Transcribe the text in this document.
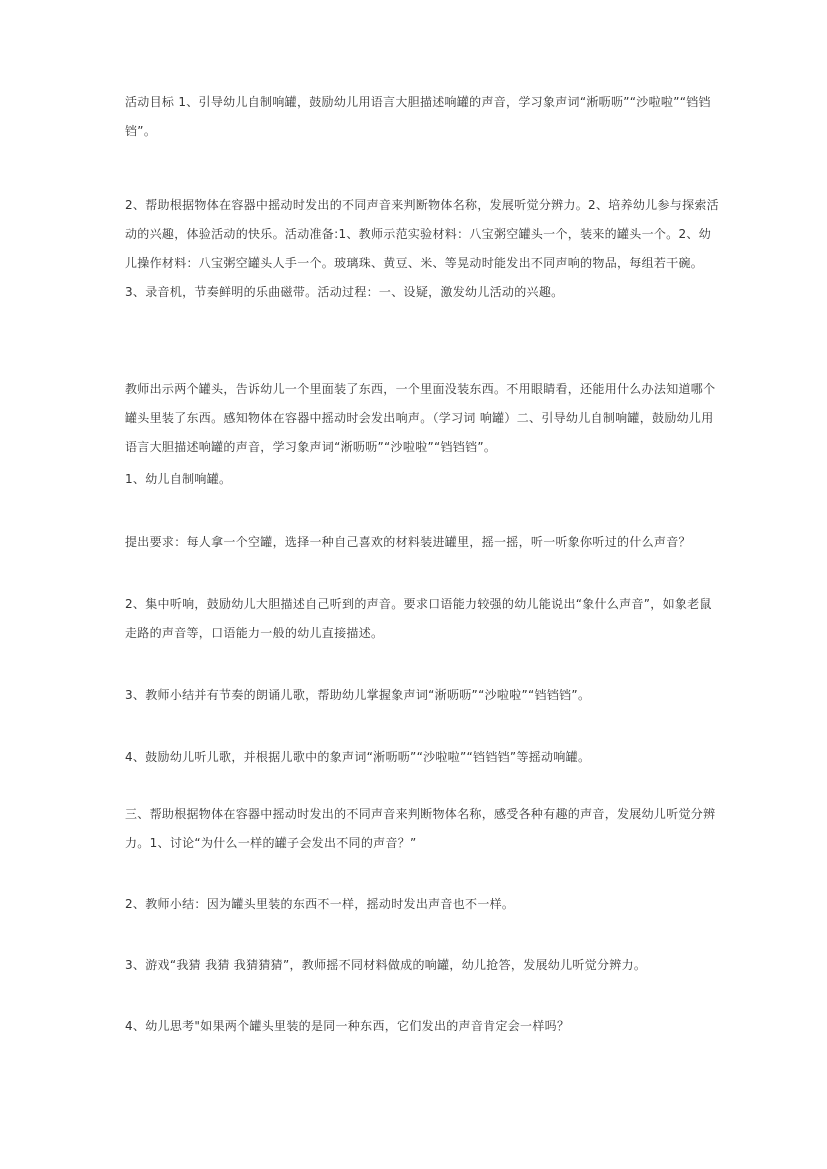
活动目标 1、引导幼儿自制响罐，鼓励幼儿用语言大胆描述响罐的声音，学习象声词“淅呖呖”“沙啦啦”“铛铛铛”。

2、帮助根据物体在容器中摇动时发出的不同声音来判断物体名称，发展听觉分辨力。2、培养幼儿参与探索活动的兴趣，体验活动的快乐。活动准备:1、教师示范实验材料：八宝粥空罐头一个，装来的罐头一个。2、幼儿操作材料：八宝粥空罐头人手一个。玻璃珠、黄豆、米、等晃动时能发出不同声响的物品，每组若干碗。3、录音机，节奏鲜明的乐曲磁带。活动过程：一、设疑，激发幼儿活动的兴趣。

教师出示两个罐头，告诉幼儿一个里面装了东西，一个里面没装东西。不用眼睛看，还能用什么办法知道哪个罐头里装了东西。感知物体在容器中摇动时会发出响声。（学习词 响罐）二、引导幼儿自制响罐，鼓励幼儿用语言大胆描述响罐的声音，学习象声词“淅呖呖”“沙啦啦”“铛铛铛”。

1、幼儿自制响罐。

提出要求：每人拿一个空罐，选择一种自己喜欢的材料装进罐里，摇一摇，听一听象你听过的什么声音？

2、集中听响，鼓励幼儿大胆描述自己听到的声音。要求口语能力较强的幼儿能说出“象什么声音”，如象老鼠走路的声音等，口语能力一般的幼儿直接描述。

3、教师小结并有节奏的朗诵儿歌，帮助幼儿掌握象声词“淅呖呖”“沙啦啦”“铛铛铛”。

4、鼓励幼儿听儿歌，并根据儿歌中的象声词“淅呖呖”“沙啦啦”“铛铛铛”等摇动响罐。

三、帮助根据物体在容器中摇动时发出的不同声音来判断物体名称，感受各种有趣的声音，发展幼儿听觉分辨力。1、讨论“为什么一样的罐子会发出不同的声音？”

2、教师小结：因为罐头里装的东西不一样，摇动时发出声音也不一样。

3、游戏“我猜 我猜 我猜猜猜”，教师摇不同材料做成的响罐，幼儿抢答，发展幼儿听觉分辨力。

4、幼儿思考"如果两个罐头里装的是同一种东西，它们发出的声音肯定会一样吗？
